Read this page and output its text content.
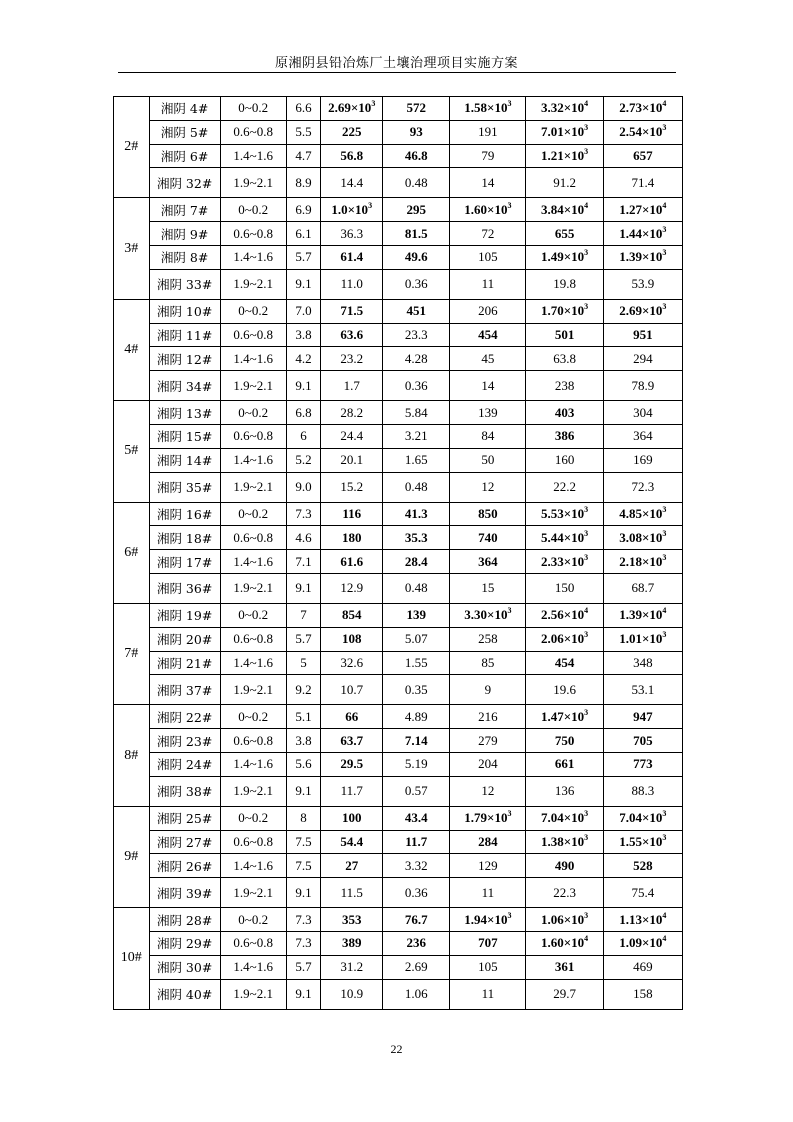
原湘阴县铅冶炼厂土壤治理项目实施方案
2#	湘阴 4#	0~0.2	6.6	$2.69\times 10^3$	572	$1.58\times 10^3$	$3.32\times 10^4$	$2.73\times 10^4$
	湘阴 5#	0.6~0.8	5.5	225	93	191	$7.01\times 10^3$	$2.54\times 10^3$
	湘阴 6#	1.4~1.6	4.7	56.8	46.8	79	$1.21\times 10^3$	657
	湘阴 32#	1.9~2.1	8.9	14.4	0.48	14	91.2	71.4
3#	湘阴 7#	0~0.2	6.9	$1.0\times 10^3$	295	$1.60\times 10^3$	$3.84\times 10^4$	$1.27\times 10^4$
	湘阴 9#	0.6~0.8	6.1	36.3	81.5	72	655	$1.44\times 10^3$
	湘阴 8#	1.4~1.6	5.7	61.4	49.6	105	$1.49\times 10^3$	$1.39\times 10^3$
	湘阴 33#	1.9~2.1	9.1	11.0	0.36	11	19.8	53.9
4#	湘阴 10#	0~0.2	7.0	71.5	451	206	$1.70\times 10^3$	$2.69\times 10^3$
	湘阴 11#	0.6~0.8	3.8	63.6	23.3	454	501	951
	湘阴 12#	1.4~1.6	4.2	23.2	4.28	45	63.8	294
	湘阴 34#	1.9~2.1	9.1	1.7	0.36	14	238	78.9
5#	湘阴 13#	0~0.2	6.8	28.2	5.84	139	403	304
	湘阴 15#	0.6~0.8	6	24.4	3.21	84	386	364
	湘阴 14#	1.4~1.6	5.2	20.1	1.65	50	160	169
	湘阴 35#	1.9~2.1	9.0	15.2	0.48	12	22.2	72.3
6#	湘阴 16#	0~0.2	7.3	116	41.3	850	$5.53\times 10^3$	$4.85\times 10^3$
	湘阴 18#	0.6~0.8	4.6	180	35.3	740	$5.44\times 10^3$	$3.08\times 10^3$
	湘阴 17#	1.4~1.6	7.1	61.6	28.4	364	$2.33\times 10^3$	$2.18\times 10^3$
	湘阴 36#	1.9~2.1	9.1	12.9	0.48	15	150	68.7
7#	湘阴 19#	0~0.2	7	854	139	$3.30\times 10^3$	$2.56\times 10^4$	$1.39\times 10^4$
	湘阴 20#	0.6~0.8	5.7	108	5.07	258	$2.06\times 10^3$	$1.01\times 10^3$
	湘阴 21#	1.4~1.6	5	32.6	1.55	85	454	348
	湘阴 37#	1.9~2.1	9.2	10.7	0.35	9	19.6	53.1
8#	湘阴 22#	0~0.2	5.1	66	4.89	216	$1.47\times 10^3$	947
	湘阴 23#	0.6~0.8	3.8	63.7	7.14	279	750	705
	湘阴 24#	1.4~1.6	5.6	29.5	5.19	204	661	773
	湘阴 38#	1.9~2.1	9.1	11.7	0.57	12	136	88.3
9#	湘阴 25#	0~0.2	8	100	43.4	$1.79\times 10^3$	$7.04\times 10^3$	$7.04\times 10^3$
	湘阴 27#	0.6~0.8	7.5	54.4	11.7	284	$1.38\times 10^3$	$1.55\times 10^3$
	湘阴 26#	1.4~1.6	7.5	27	3.32	129	490	528
	湘阴 39#	1.9~2.1	9.1	11.5	0.36	11	22.3	75.4
10#	湘阴 28#	0~0.2	7.3	353	76.7	$1.94\times 10^3$	$1.06\times 10^3$	$1.13\times 10^4$
	湘阴 29#	0.6~0.8	7.3	389	236	707	$1.60\times 10^4$	$1.09\times 10^4$
	湘阴 30#	1.4~1.6	5.7	31.2	2.69	105	361	469
	湘阴 40#	1.9~2.1	9.1	10.9	1.06	11	29.7	158
22
